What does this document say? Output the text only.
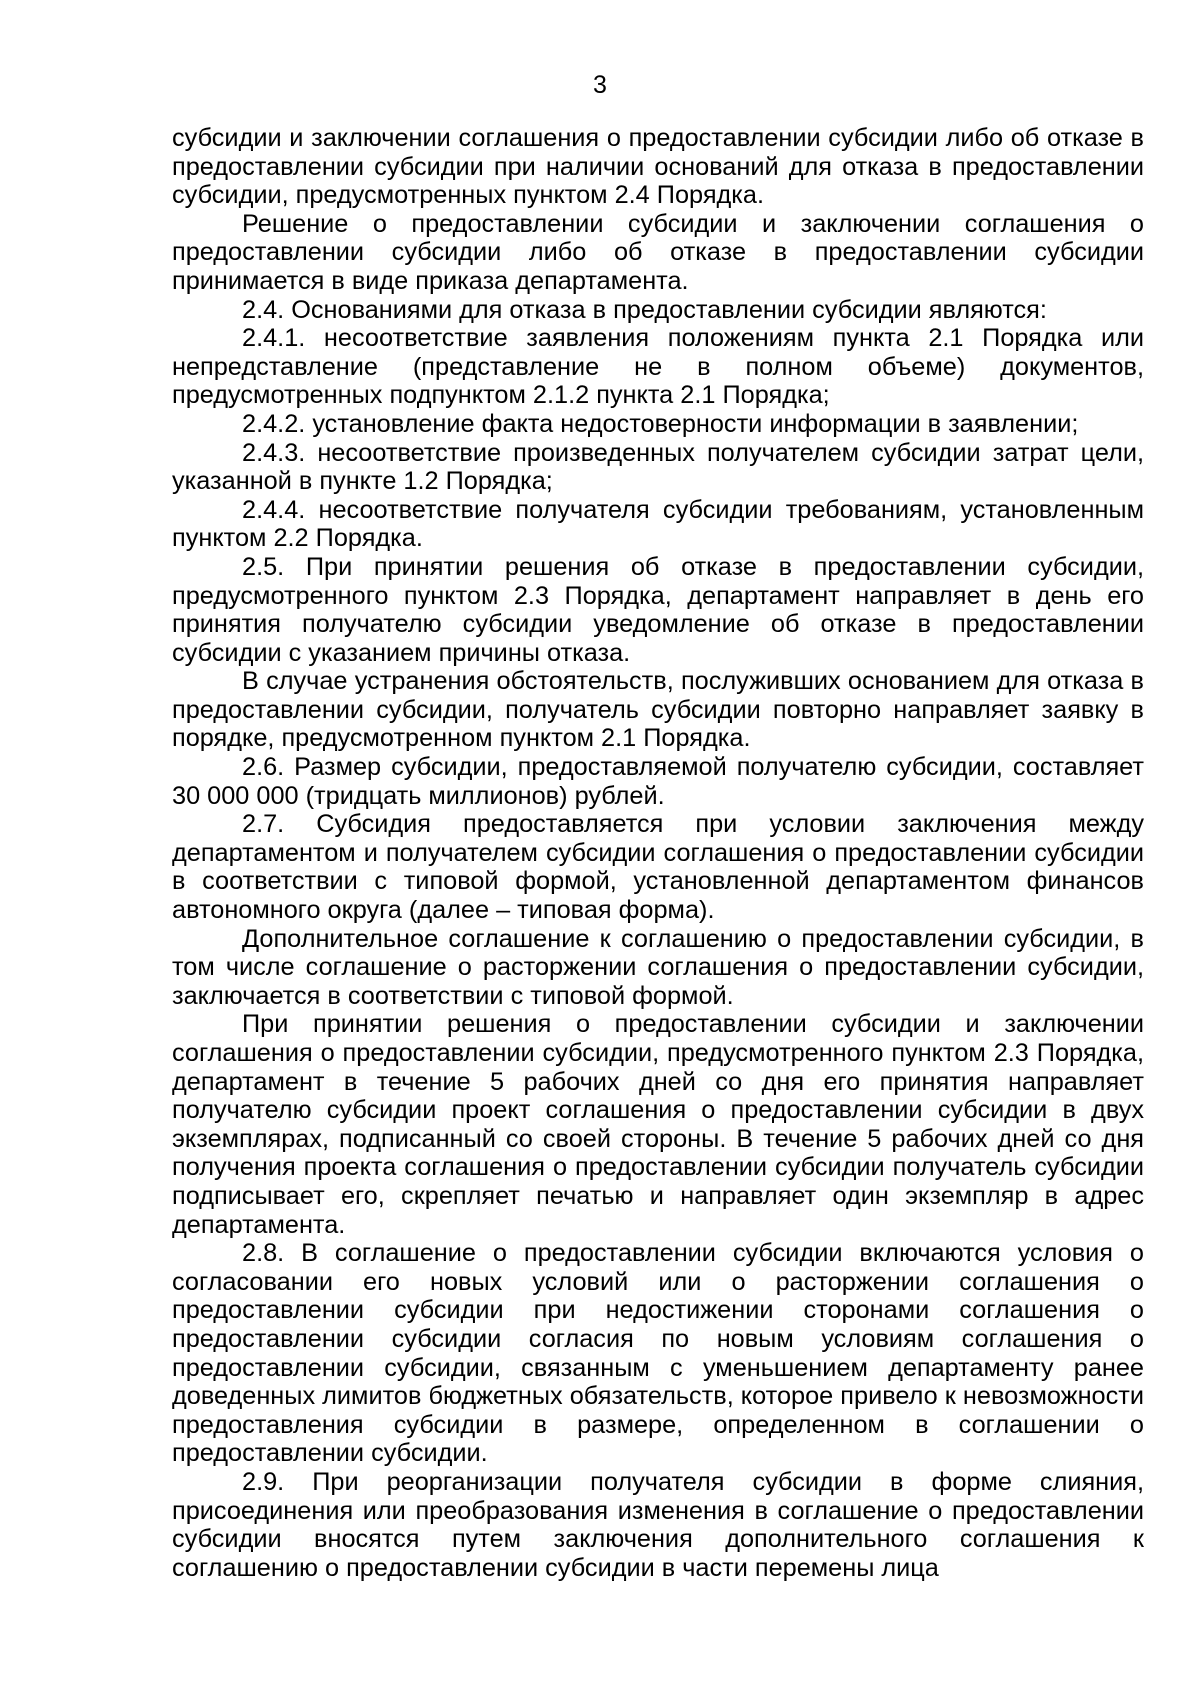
3

субсидии и заключении соглашения о предоставлении субсидии либо об отказе в предоставлении субсидии при наличии оснований для отказа в предоставлении субсидии, предусмотренных пунктом 2.4 Порядка.

Решение о предоставлении субсидии и заключении соглашения о предоставлении субсидии либо об отказе в предоставлении субсидии принимается в виде приказа департамента.

2.4. Основаниями для отказа в предоставлении субсидии являются:

2.4.1. несоответствие заявления положениям пункта 2.1 Порядка или непредставление (представление не в полном объеме) документов, предусмотренных подпунктом 2.1.2 пункта 2.1 Порядка;

2.4.2. установление факта недостоверности информации в заявлении;

2.4.3. несоответствие произведенных получателем субсидии затрат цели, указанной в пункте 1.2 Порядка;

2.4.4. несоответствие получателя субсидии требованиям, установленным пунктом 2.2 Порядка.

2.5. При принятии решения об отказе в предоставлении субсидии, предусмотренного пунктом 2.3 Порядка, департамент направляет в день его принятия получателю субсидии уведомление об отказе в предоставлении субсидии с указанием причины отказа.

В случае устранения обстоятельств, послуживших основанием для отказа в предоставлении субсидии, получатель субсидии повторно направляет заявку в порядке, предусмотренном пунктом 2.1 Порядка.

2.6. Размер субсидии, предоставляемой получателю субсидии, составляет 30 000 000 (тридцать миллионов) рублей.

2.7. Субсидия предоставляется при условии заключения между департаментом и получателем субсидии соглашения о предоставлении субсидии в соответствии с типовой формой, установленной департаментом финансов автономного округа (далее – типовая форма).

Дополнительное соглашение к соглашению о предоставлении субсидии, в том числе соглашение о расторжении соглашения о предоставлении субсидии, заключается в соответствии с типовой формой.

При принятии решения о предоставлении субсидии и заключении соглашения о предоставлении субсидии, предусмотренного пунктом 2.3 Порядка, департамент в течение 5 рабочих дней со дня его принятия направляет получателю субсидии проект соглашения о предоставлении субсидии в двух экземплярах, подписанный со своей стороны. В течение 5 рабочих дней со дня получения проекта соглашения о предоставлении субсидии получатель субсидии подписывает его, скрепляет печатью и направляет один экземпляр в адрес департамента.

2.8. В соглашение о предоставлении субсидии включаются условия о согласовании его новых условий или о расторжении соглашения о предоставлении субсидии при недостижении сторонами соглашения о предоставлении субсидии согласия по новым условиям соглашения о предоставлении субсидии, связанным с уменьшением департаменту ранее доведенных лимитов бюджетных обязательств, которое привело к невозможности предоставления субсидии в размере, определенном в соглашении о предоставлении субсидии.

2.9. При реорганизации получателя субсидии в форме слияния, присоединения или преобразования изменения в соглашение о предоставлении субсидии вносятся путем заключения дополнительного соглашения к соглашению о предоставлении субсидии в части перемены лица
